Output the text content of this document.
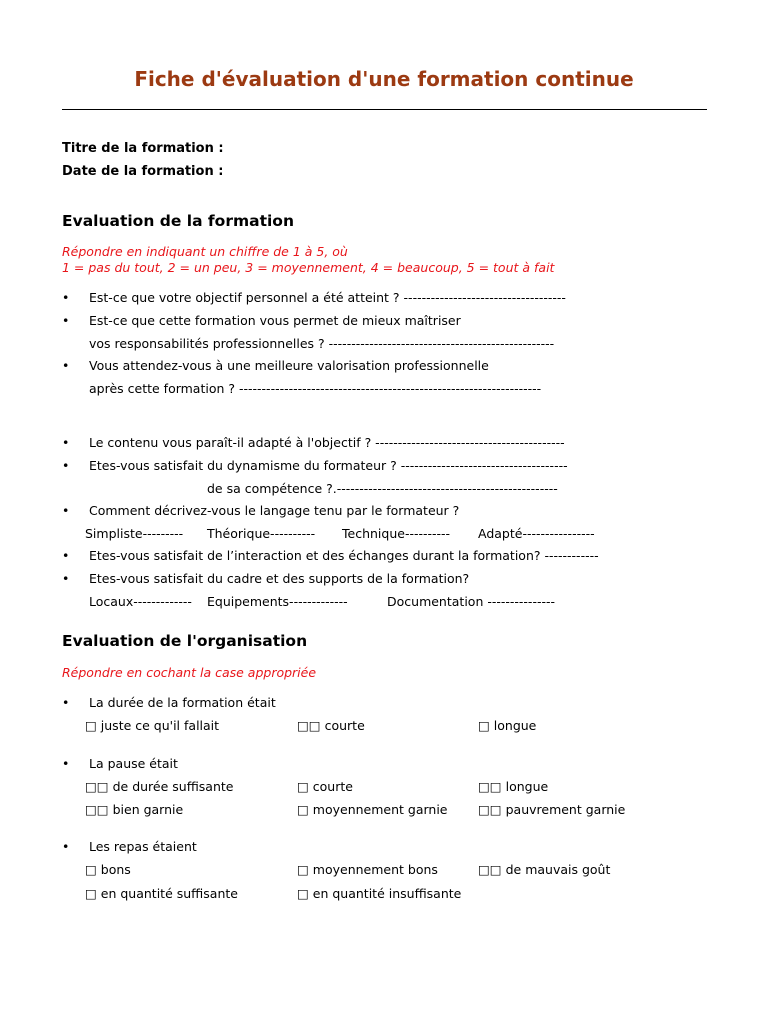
Fiche d'évaluation d'une formation continue
Titre de la formation :
Date de la formation :
Evaluation de la formation
Répondre en indiquant un chiffre de 1 à 5, où
1 = pas du tout, 2 = un peu, 3 = moyennement, 4 = beaucoup, 5 = tout à fait
• Est-ce que votre objectif personnel a été atteint ? ------------------------------------
• Est-ce que cette formation vous permet de mieux maîtriser
vos responsabilités professionnelles ? --------------------------------------------------
• Vous attendez-vous à une meilleure valorisation professionnelle
après cette formation ? -------------------------------------------------------------------
• Le contenu vous paraît-il adapté à l'objectif ? ------------------------------------------
• Etes-vous satisfait du dynamisme du formateur ? -------------------------------------
de sa compétence ?.-------------------------------------------------
• Comment décrivez-vous le langage tenu par le formateur ?
Simpliste--------- Théorique---------- Technique---------- Adapté----------------
• Etes-vous satisfait de l’interaction et des échanges durant la formation? ------------
• Etes-vous satisfait du cadre et des supports de la formation?
Locaux------------- Equipements-------------	Documentation ---------------
Evaluation de l'organisation
Répondre en cochant la case appropriée
• La durée de la formation était
□ juste ce qu'il fallait	□□ courte	□ longue
• La pause était
□□ de durée suffisante	□ courte	□□ longue
□□ bien garnie	□ moyennement garnie □□ pauvrement garnie
• Les repas étaient
□ bons	□ moyennement bons	□□ de mauvais goût
□ en quantité suffisante	□ en quantité insuffisante
